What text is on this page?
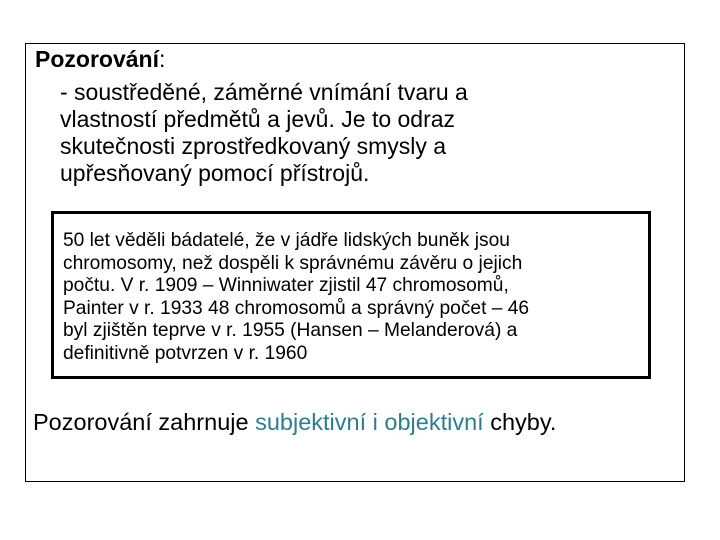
Pozorování:
- soustředěné, záměrné vnímání tvaru a
vlastností předmětů a jevů. Je to odraz
skutečnosti zprostředkovaný smysly a
upřesňovaný pomocí přístrojů.
50 let věděli bádatelé, že v jádře lidských buněk jsou
chromosomy, než dospěli k správnému závěru o jejich
počtu. V r. 1909 – Winniwater zjistil 47 chromosomů,
Painter v r. 1933 48 chromosomů a správný počet – 46
byl zjištěn teprve v r. 1955 (Hansen – Melanderová) a
definitivně potvrzen v r. 1960
Pozorování zahrnuje subjektivní i objektivní chyby.
